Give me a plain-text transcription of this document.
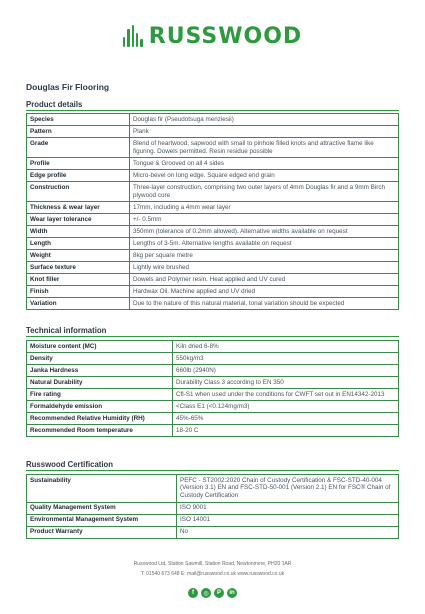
RUSSWOOD
Douglas Fir Flooring
Product details
Species	Douglas fir (Pseudotsuga menziesii)
Pattern	Plank
Grade	Blend of heartwood, sapwood with small to pinhole filled knots and attractive flame like figuring. Dowels permitted. Resin residue possible
Profile	Tongue & Grooved on all 4 sides
Edge profile	Micro-bevel on long edge. Square edged end grain
Construction	Three-layer construction, comprising two outer layers of 4mm Douglas fir and a 9mm Birch plywood core
Thickness & wear layer	17mm, including a 4mm wear layer
Wear layer tolerance	+/- 0.5mm
Width	350mm (tolerance of 0.2mm allowed). Alternative widths available on request
Length	Lengths of 3-5m. Alternative lengths available on request
Weight	8kg per square metre
Surface texture	Lightly wire brushed
Knot filler	Dowels and Polymer resin. Heat applied and UV cured
Finish	Hardwax Oil. Machine applied and UV dried
Variation	Due to the nature of this natural material, tonal variation should be expected
Technical information
Moisture content (MC)	Kiln dried 6-8%
Density	550kg/m3
Janka Hardness	660lb (2940N)
Natural Durability	Durability Class 3 according to EN 350
Fire rating	Cfl-S1 when used under the conditions for CWFT set out in EN14342-2013
Formaldehyde emission	<Class E1 (<0.124mg/m3)
Recommended Relative Humidity (RH)	45%-65%
Recommended Room temperature	18-20 C
Russwood Certification
Sustainability	PEFC - ST2002:2020 Chain of Custody Certification & FSC-STD-40-004 (Version 3.1) EN and FSC-STD-50-001 (Version 2.1) EN for FSC® Chain of Custody Certification
Quality Management System	ISO 9001
Environmental Management System	ISO 14001
Product Warranty	No
Russwood Ltd, Station Sawmill, Station Road, Newtonmore, PH20 1AR
T: 01540 673 648 E: mail@russwood.co.uk www.russwood.co.uk
f	◎	P	in
